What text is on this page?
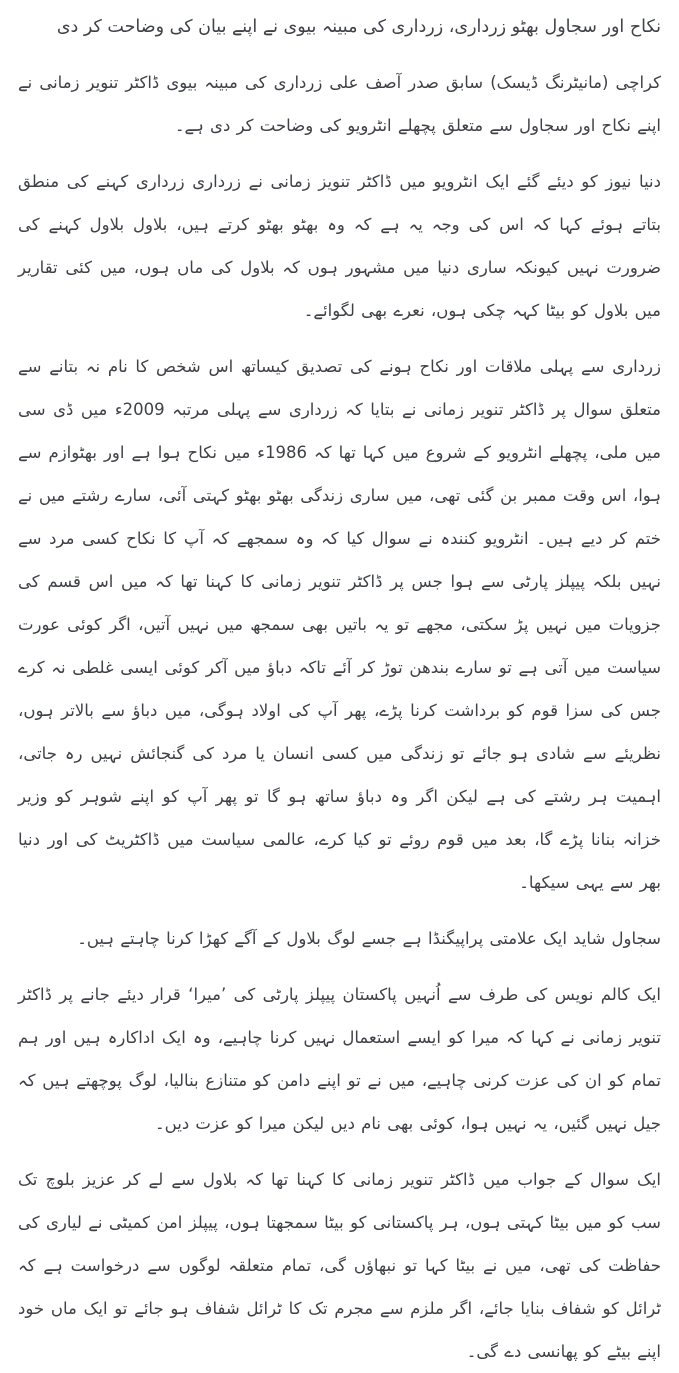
نکاح اور سجاول بھٹو زرداری، زرداری کی مبینہ بیوی نے اپنے بیان کی وضاحت کر دی

کراچی (مانیٹرنگ ڈیسک) سابق صدر آصف علی زرداری کی مبینہ بیوی ڈاکٹر تنویر زمانی نے اپنے نکاح اور سجاول سے متعلق پچھلے انٹرویو کی وضاحت کر دی ہے۔

دنیا نیوز کو دیئے گئے ایک انٹرویو میں ڈاکٹر تنویز زمانی نے زرداری زرداری کہنے کی منطق بتاتے ہوئے کہا کہ اس کی وجہ یہ ہے کہ وہ بھٹو بھٹو کرتے ہیں، بلاول بلاول کہنے کی ضرورت نہیں کیونکہ ساری دنیا میں مشہور ہوں کہ بلاول کی ماں ہوں، میں کئی تقاریر میں بلاول کو بیٹا کہہ چکی ہوں، نعرے بھی لگوائے۔

زرداری سے پہلی ملاقات اور نکاح ہونے کی تصدیق کیساتھ اس شخص کا نام نہ بتانے سے متعلق سوال پر ڈاکٹر تنویر زمانی نے بتایا کہ زرداری سے پہلی مرتبہ 2009ء میں ڈی سی میں ملی، پچھلے انٹرویو کے شروع میں کہا تھا کہ 1986ء میں نکاح ہوا ہے اور بھٹوازم سے ہوا، اس وقت ممبر بن گئی تھی، میں ساری زندگی بھٹو بھٹو کہتی آئی، سارے رشتے میں نے ختم کر دیے ہیں۔ انٹرویو کنندہ نے سوال کیا کہ وہ سمجھے کہ آپ کا نکاح کسی مرد سے نہیں بلکہ پیپلز پارٹی سے ہوا جس پر ڈاکٹر تنویر زمانی کا کہنا تھا کہ میں اس قسم کی جزویات میں نہیں پڑ سکتی، مجھے تو یہ باتیں بھی سمجھ میں نہیں آتیں، اگر کوئی عورت سیاست میں آتی ہے تو سارے بندھن توڑ کر آئے تاکہ دباؤ میں آکر کوئی ایسی غلطی نہ کرے جس کی سزا قوم کو برداشت کرنا پڑے، پھر آپ کی اولاد ہوگی، میں دباؤ سے بالاتر ہوں، نظریئے سے شادی ہو جائے تو زندگی میں کسی انسان یا مرد کی گنجائش نہیں رہ جاتی، اہمیت ہر رشتے کی ہے لیکن اگر وہ دباؤ ساتھ ہو گا تو پھر آپ کو اپنے شوہر کو وزیر خزانہ بنانا پڑے گا، بعد میں قوم روئے تو کیا کرے، عالمی سیاست میں ڈاکٹریٹ کی اور دنیا بھر سے یہی سیکھا۔

سجاول شاید ایک علامتی پراپیگنڈا ہے جسے لوگ بلاول کے آگے کھڑا کرنا چاہتے ہیں۔

ایک کالم نویس کی طرف سے اُنہیں پاکستان پیپلز پارٹی کی ’میرا‘ قرار دیئے جانے پر ڈاکٹر تنویر زمانی نے کہا کہ میرا کو ایسے استعمال نہیں کرنا چاہیے، وہ ایک اداکارہ ہیں اور ہم تمام کو ان کی عزت کرنی چاہیے، میں نے تو اپنے دامن کو متنازع بنالیا، لوگ پوچھتے ہیں کہ جیل نہیں گئیں، یہ نہیں ہوا، کوئی بھی نام دیں لیکن میرا کو عزت دیں۔

ایک سوال کے جواب میں ڈاکٹر تنویر زمانی کا کہنا تھا کہ بلاول سے لے کر عزیز بلوچ تک سب کو میں بیٹا کہتی ہوں، ہر پاکستانی کو بیٹا سمجھتا ہوں، پیپلز امن کمیٹی نے لیاری کی حفاظت کی تھی، میں نے بیٹا کہا تو نبھاؤں گی، تمام متعلقہ لوگوں سے درخواست ہے کہ ٹرائل کو شفاف بنایا جائے، اگر ملزم سے مجرم تک کا ٹرائل شفاف ہو جائے تو ایک ماں خود اپنے بیٹے کو پھانسی دے گی۔
